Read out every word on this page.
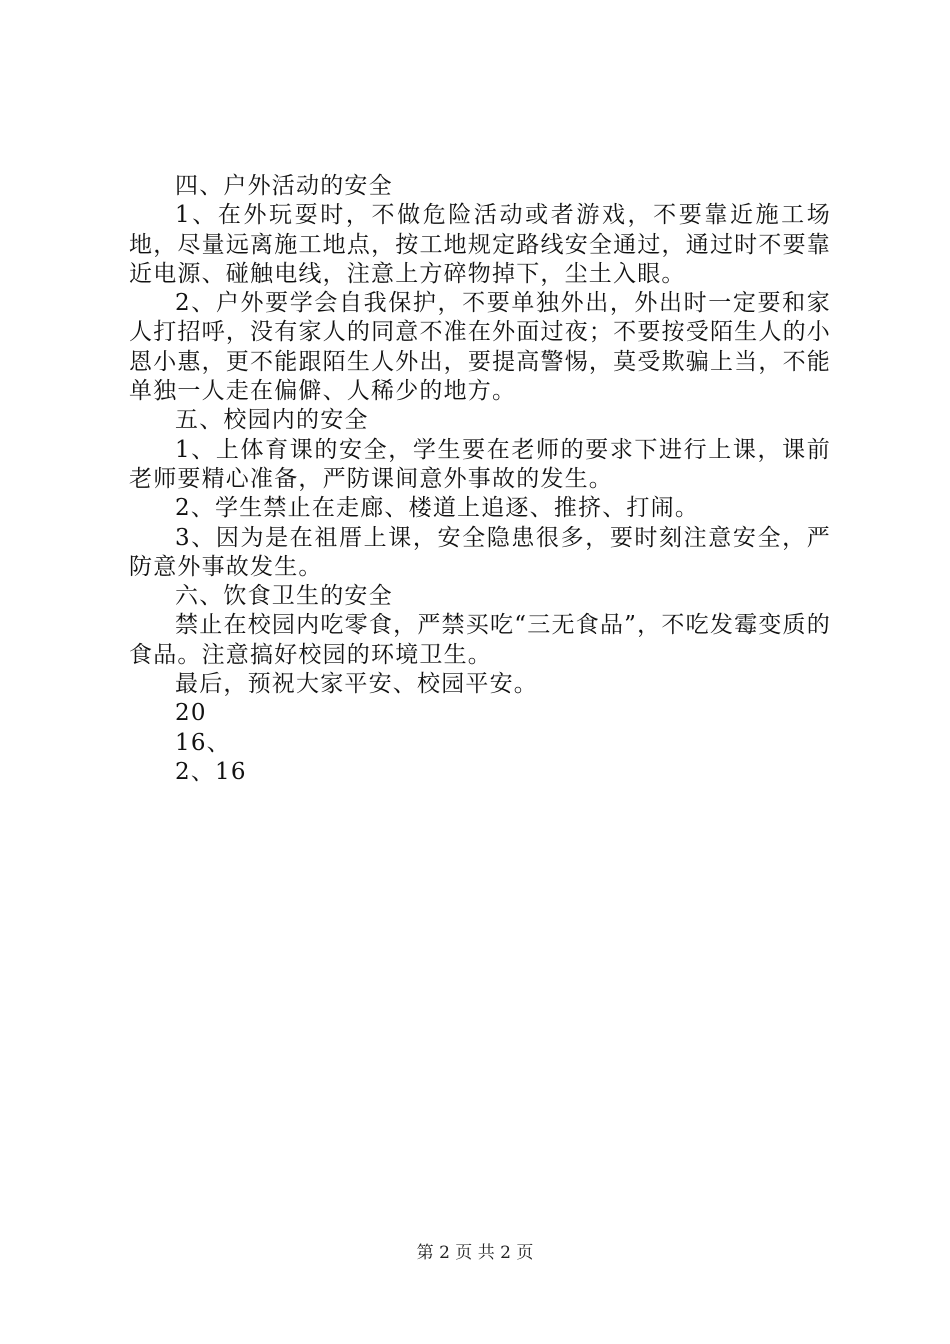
四、户外活动的安全

1、在外玩耍时，不做危险活动或者游戏，不要靠近施工场地，尽量远离施工地点，按工地规定路线安全通过，通过时不要靠近电源、碰触电线，注意上方碎物掉下，尘土入眼。

2、户外要学会自我保护，不要单独外出，外出时一定要和家人打招呼，没有家人的同意不准在外面过夜；不要按受陌生人的小恩小惠，更不能跟陌生人外出，要提高警惕，莫受欺骗上当，不能单独一人走在偏僻、人稀少的地方。

五、校园内的安全

1、上体育课的安全，学生要在老师的要求下进行上课，课前老师要精心准备，严防课间意外事故的发生。

2、学生禁止在走廊、楼道上追逐、推挤、打闹。

3、因为是在祖厝上课，安全隐患很多，要时刻注意安全，严防意外事故发生。

六、饮食卫生的安全

禁止在校园内吃零食，严禁买吃“三无食品”，不吃发霉变质的食品。注意搞好校园的环境卫生。

最后，预祝大家平安、校园平安。

20

16、

2、16

第 2 页 共 2 页
